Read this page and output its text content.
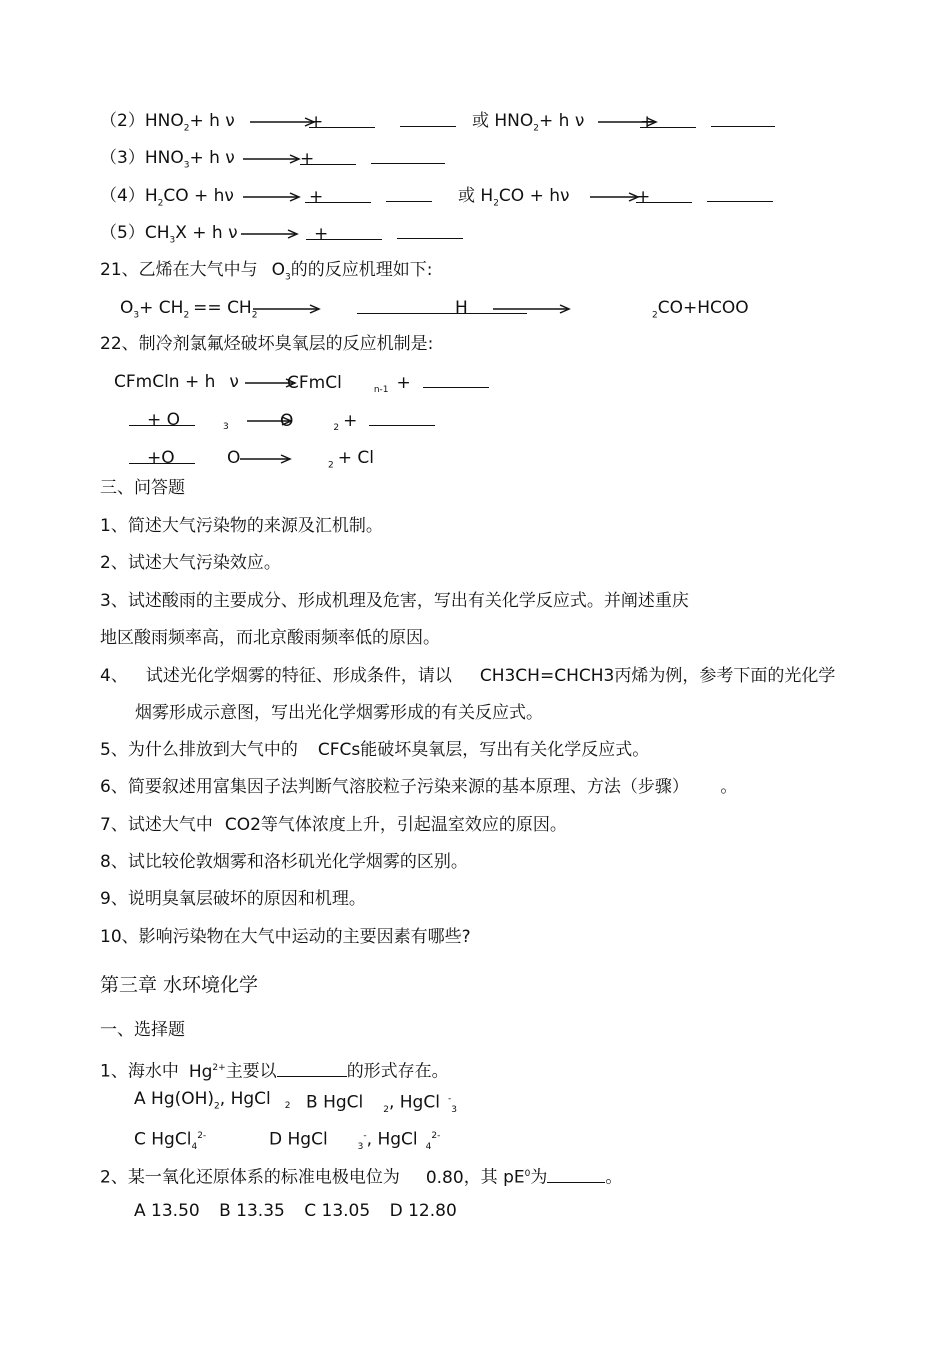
$(2)HNO_2+ h$ ν →
+	或 $HNO_2+ h$ ν →
+
$(3)HNO_3+ h$ ν →
+
$(4)H_2CO + h\nu$ → +	或 $H_2CO + h\nu$ →
+
$(5)CH_3X + h$ ν → +
21、乙烯在大气中与 $O_3$的的反应机理如下:
$O_3+ CH_2 == CH_2$	H	$_2$CO+HCOO
22、制冷剂氯氟烃破坏臭氧层的反应机制是:
CFmCln + h ν →
CFmCl	$_{n-1}$ +
+ O	$_3$	O	$_2$ +
+O	O →
$_2$ + Cl
三、问答题
1、简述大气污染物的来源及汇机制。
2、试述大气污染效应。
3、试述酸雨的主要成分、形成机理及危害，写出有关化学反应式。并阐述重庆
地区酸雨频率高，而北京酸雨频率低的原因。
4、 试述光化学烟雾的特征、形成条件，请以 CH3CH=CHCH3丙烯为例，参考下面的光化学
烟雾形成示意图，写出光化学烟雾形成的有关反应式。
5、为什么排放到大气中的 CFCs能破坏臭氧层，写出有关化学反应式。
6、简要叙述用富集因子法判断气溶胶粒子污染来源的基本原理、方法（步骤） 。
7、试述大气中 CO2等气体浓度上升，引起温室效应的原因。
8、试比较伦敦烟雾和洛杉矶光化学烟雾的区别。
9、说明臭氧层破坏的原因和机理。
10、影响污染物在大气中运动的主要因素有哪些?
第三章 水环境化学
一、选择题
1、海水中 $Hg^{2+}$主要以	的形式存在。
A $Hg(OH)_2$, HgCl $_2$ B HgCl $_2$, HgCl -$_3$
C HgCl$_4^{2-}$	D HgCl	$_3$-, HgCl $_4^{2-}$
2、某一氧化还原体系的标准电极电位为 0.80，其 $pE^0$为	。
A 13.50 B 13.35 C 13.05 D 12.80
